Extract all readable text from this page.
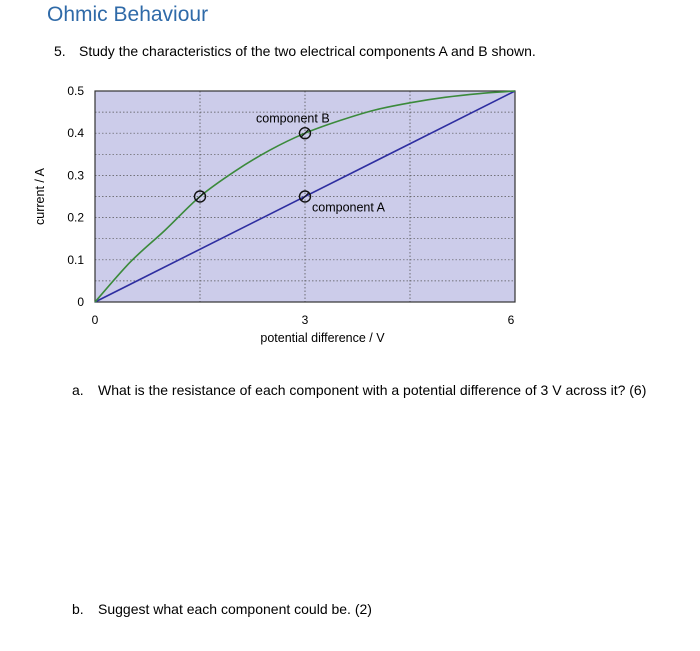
Ohmic Behaviour
5. Study the characteristics of the two electrical components A and B shown.
0
0.1
0.2
0.3
0.4
0.5
0	3	6
component B
component A
potential difference / V
current / A
a. What is the resistance of each component with a potential difference of 3 V across it? (6)
b. Suggest what each component could be. (2)
